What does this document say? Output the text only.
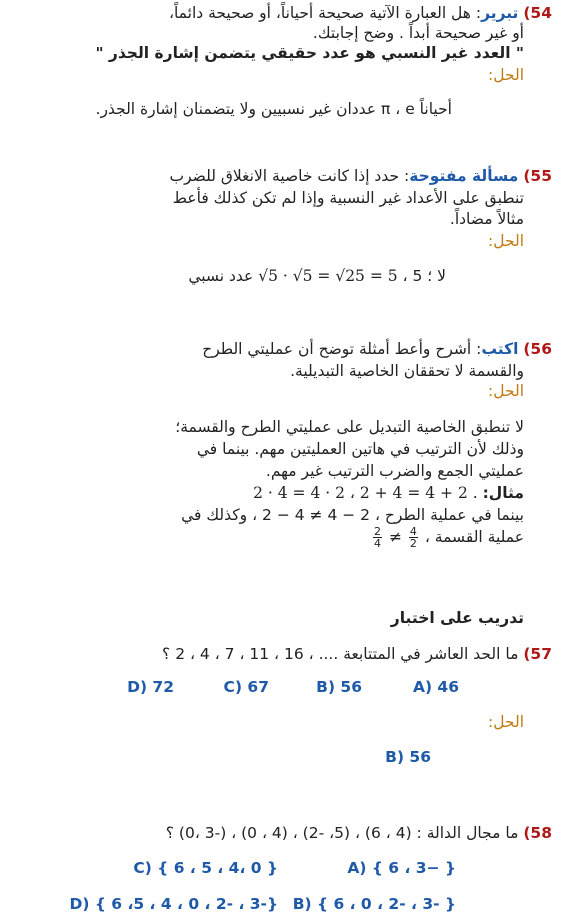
54) تبرير: هل العبارة الآتية صحيحة أحياناً، أو صحيحة دائماً،
أو غير صحيحة أبداً . وضح إجابتك.
" العدد غير النسبي هو عدد حقيقي يتضمن إشارة الجذر "
الحل:
أحياناً π ، e عددان غير نسبيين ولا يتضمنان إشارة الجذر.
55) مسألة مفتوحة: حدد إذا كانت خاصية الانغلاق للضرب
تنطبق على الأعداد غير النسبية وإذا لم تكن كذلك فأعط
مثالاً مضاداً.
الحل:
لا ؛ √5 · √5 = √25 = 5 ، 5 عدد نسبي
56) اكتب: أشرح وأعط أمثلة توضح أن عمليتي الطرح
والقسمة لا تحققان الخاصية التبديلية.
الحل:
لا تنطبق الخاصية التبديل على عمليتي الطرح والقسمة؛
وذلك لأن الترتيب في هاتين العمليتين مهم. بينما في
عمليتي الجمع والضرب الترتيب غير مهم.
مثال: 2 · 4 = 4 · 2 ، 2 + 4 = 4 + 2 .
بينما في عملية الطرح ، 2 − 4 ≠ 4 − 2 ، وكذلك في
عملية القسمة ،
$\frac{4}{2}$
≠
$\frac{2}{4}$
تدريب على اختبار
57) ما الحد العاشر في المتتابعة .... ، 16 ، 11 ، 7 ، 4 ، 2 ؟
46 (A
56 (B
67 (C
72 (D
الحل:
56 (B
58) ما مجال الدالة : (4 ، 6) ، (5، -2) ، (4 ، 0) ، (-3 ،0) ؟
{ −3 ، 6 } (A
{ 0 ،4 ، 5 ، 6 } (C
{ -3 ، -2 ، 0 ، 6 } (B
{-3 ، -2 ، 0 ، 4 ، 5، 6 } (D
